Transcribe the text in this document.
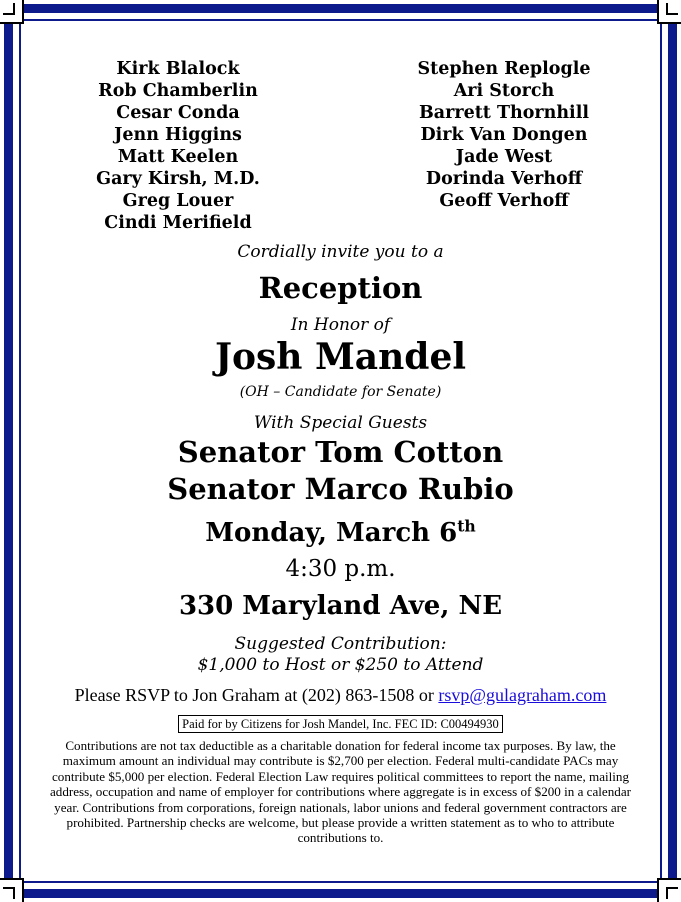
Kirk Blalock
Rob Chamberlin
Cesar Conda
Jenn Higgins
Matt Keelen
Gary Kirsh, M.D.
Greg Louer
Cindi Merifield
Stephen Replogle
Ari Storch
Barrett Thornhill
Dirk Van Dongen
Jade West
Dorinda Verhoff
Geoff Verhoff
Cordially invite you to a
Reception
In Honor of
Josh Mandel
(OH – Candidate for Senate)
With Special Guests
Senator Tom Cotton
Senator Marco Rubio
Monday, March 6th
4:30 p.m.
330 Maryland Ave, NE
Suggested Contribution:
$1,000 to Host or $250 to Attend
Please RSVP to Jon Graham at (202) 863-1508 or rsvp@gulagraham.com
Paid for by Citizens for Josh Mandel, Inc. FEC ID: C00494930
Contributions are not tax deductible as a charitable donation for federal income tax purposes. By law, the maximum amount an individual may contribute is $2,700 per election. Federal multi-candidate PACs may contribute $5,000 per election. Federal Election Law requires political committees to report the name, mailing address, occupation and name of employer for contributions where aggregate is in excess of $200 in a calendar year. Contributions from corporations, foreign nationals, labor unions and federal government contractors are prohibited. Partnership checks are welcome, but please provide a written statement as to who to attribute contributions to.
